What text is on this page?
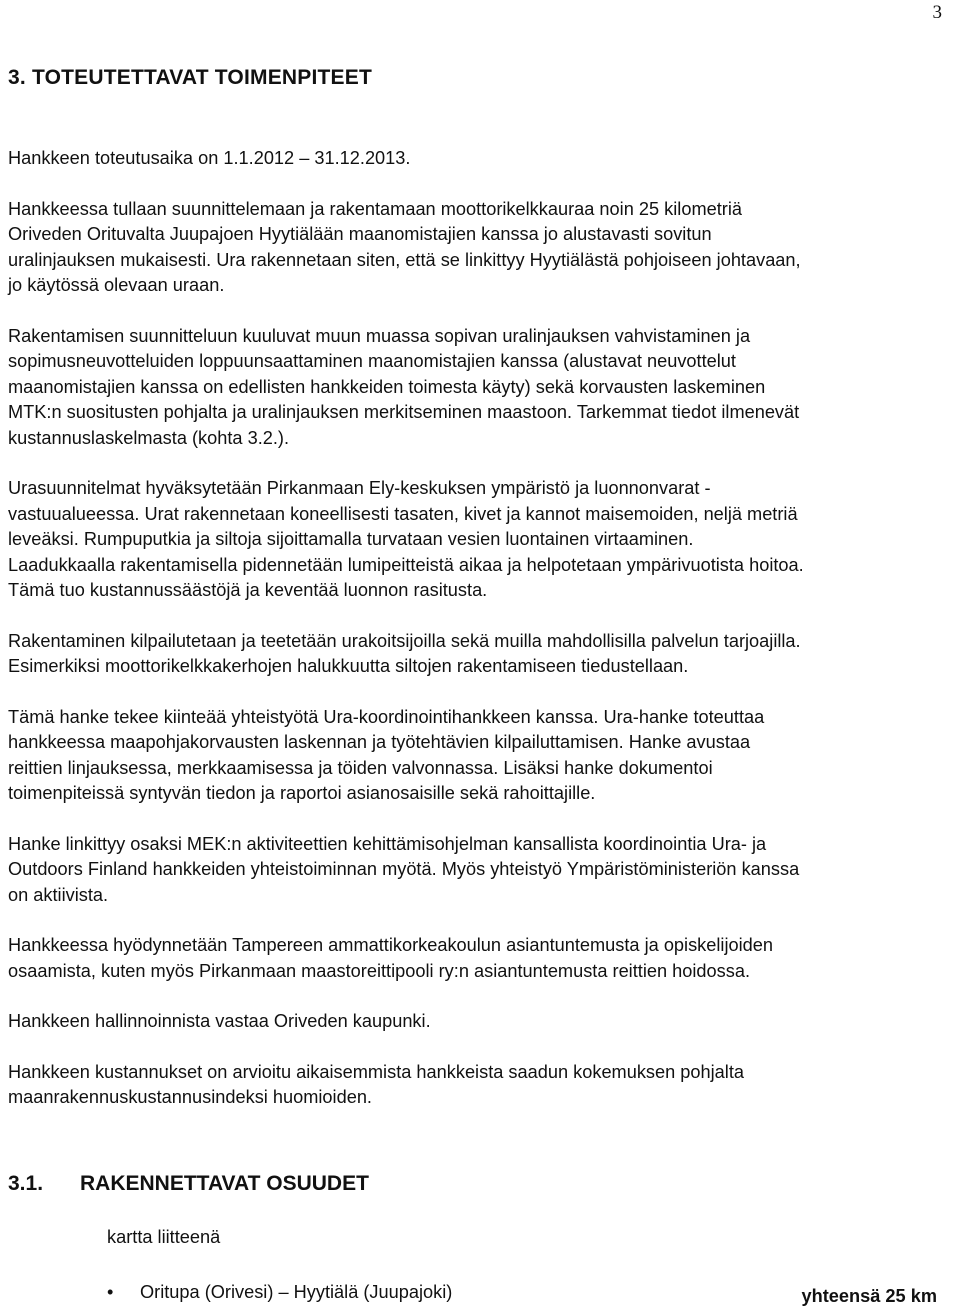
3
3. TOTEUTETTAVAT TOIMENPITEET

Hankkeen toteutusaika on 1.1.2012 – 31.12.2013.

Hankkeessa tullaan suunnittelemaan ja rakentamaan moottorikelkkauraa noin 25 kilometriä
Oriveden Orituvalta Juupajoen Hyytiälään maanomistajien kanssa jo alustavasti sovitun
uralinjauksen mukaisesti. Ura rakennetaan siten, että se linkittyy Hyytiälästä pohjoiseen johtavaan,
jo käytössä olevaan uraan.

Rakentamisen suunnitteluun kuuluvat muun muassa sopivan uralinjauksen vahvistaminen ja
sopimusneuvotteluiden loppuunsaattaminen maanomistajien kanssa (alustavat neuvottelut
maanomistajien kanssa on edellisten hankkeiden toimesta käyty) sekä korvausten laskeminen
MTK:n suositusten pohjalta ja uralinjauksen merkitseminen maastoon. Tarkemmat tiedot ilmenevät
kustannuslaskelmasta (kohta 3.2.).

Urasuunnitelmat hyväksytetään Pirkanmaan Ely-keskuksen ympäristö ja luonnonvarat -
vastuualueessa. Urat rakennetaan koneellisesti tasaten, kivet ja kannot maisemoiden, neljä metriä
leveäksi. Rumpuputkia ja siltoja sijoittamalla turvataan vesien luontainen virtaaminen.
Laadukkaalla rakentamisella pidennetään lumipeitteistä aikaa ja helpotetaan ympärivuotista hoitoa.
Tämä tuo kustannussäästöjä ja keventää luonnon rasitusta.

Rakentaminen kilpailutetaan ja teetetään urakoitsijoilla sekä muilla mahdollisilla palvelun tarjoajilla.
Esimerkiksi moottorikelkkakerhojen halukkuutta siltojen rakentamiseen tiedustellaan.

Tämä hanke tekee kiinteää yhteistyötä Ura-koordinointihankkeen kanssa. Ura-hanke toteuttaa
hankkeessa maapohjakorvausten laskennan ja työtehtävien kilpailuttamisen. Hanke avustaa
reittien linjauksessa, merkkaamisessa ja töiden valvonnassa. Lisäksi hanke dokumentoi
toimenpiteissä syntyvän tiedon ja raportoi asianosaisille sekä rahoittajille.

Hanke linkittyy osaksi MEK:n aktiviteettien kehittämisohjelman kansallista koordinointia Ura- ja
Outdoors Finland hankkeiden yhteistoiminnan myötä. Myös yhteistyö Ympäristöministeriön kanssa
on aktiivista.

Hankkeessa hyödynnetään Tampereen ammattikorkeakoulun asiantuntemusta ja opiskelijoiden
osaamista, kuten myös Pirkanmaan maastoreittipooli ry:n asiantuntemusta reittien hoidossa.

Hankkeen hallinnoinnista vastaa Oriveden kaupunki.

Hankkeen kustannukset on arvioitu aikaisemmista hankkeista saadun kokemuksen pohjalta
maanrakennuskustannusindeksi huomioiden.

3.1. RAKENNETTAVAT OSUUDET
kartta liitteenä
• Oritupa (Orivesi) – Hyytiälä (Juupajoki)	yhteensä 25 km
